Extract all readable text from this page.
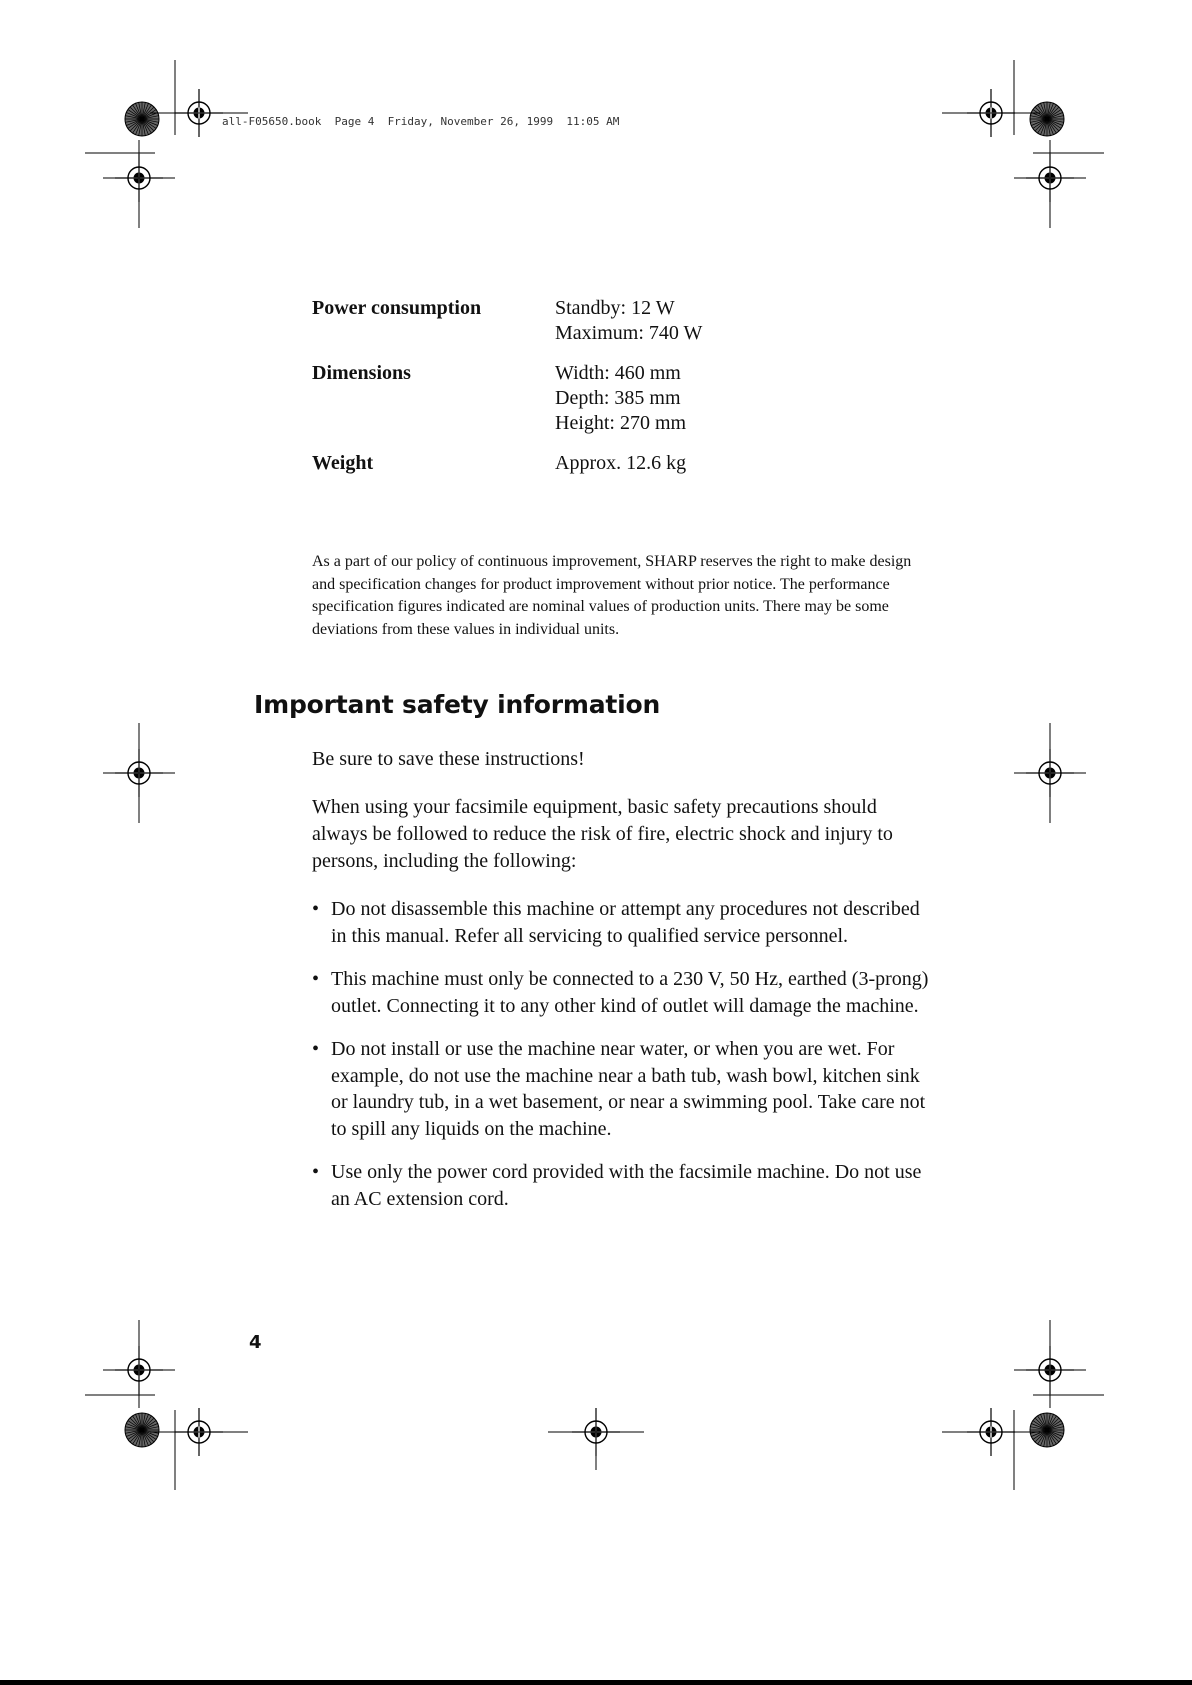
all-F05650.book  Page 4  Friday, November 26, 1999  11:05 AM
Power consumption	Standby: 12 W
Maximum: 740 W
Dimensions	Width: 460 mm
Depth: 385 mm
Height: 270 mm
Weight	Approx. 12.6 kg

As a part of our policy of continuous improvement, SHARP reserves the right to make design and specification changes for product improvement without prior notice. The performance specification figures indicated are nominal values of production units. There may be some deviations from these values in individual units.

Important safety information

Be sure to save these instructions!

When using your facsimile equipment, basic safety precautions should always be followed to reduce the risk of fire, electric shock and injury to persons, including the following:

• Do not disassemble this machine or attempt any procedures not described in this manual. Refer all servicing to qualified service personnel.
• This machine must only be connected to a 230 V, 50 Hz, earthed (3-prong) outlet. Connecting it to any other kind of outlet will damage the machine.
• Do not install or use the machine near water, or when you are wet. For example, do not use the machine near a bath tub, wash bowl, kitchen sink or laundry tub, in a wet basement, or near a swimming pool. Take care not to spill any liquids on the machine.
• Use only the power cord provided with the facsimile machine. Do not use an AC extension cord.
4
